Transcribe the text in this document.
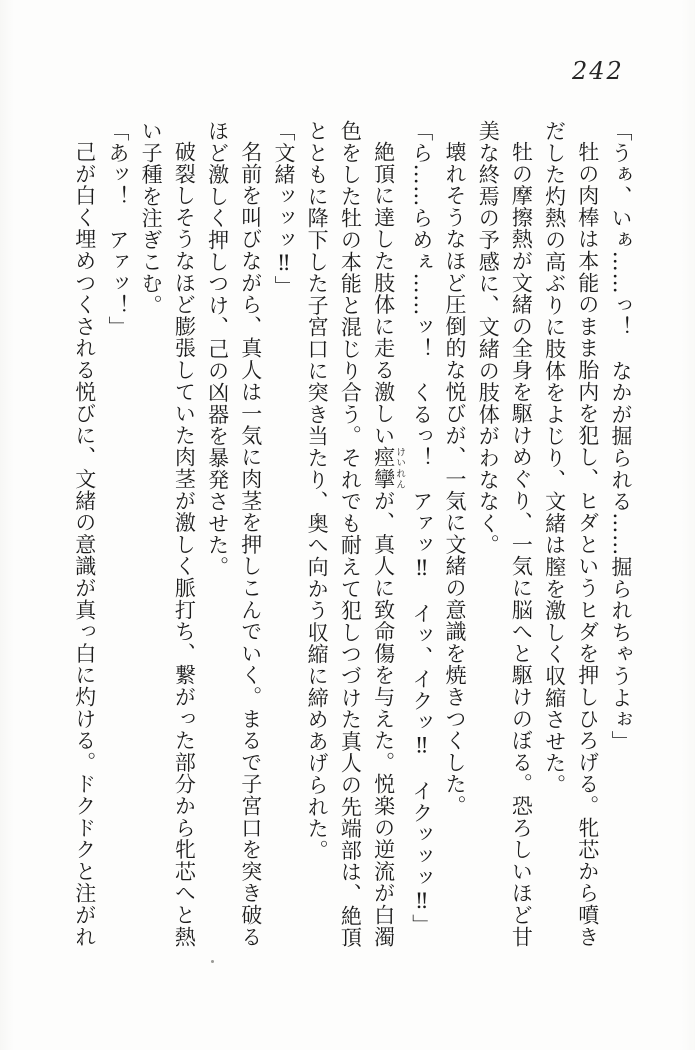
242

「うぁ、いぁ……っ！　なかが掘られる……掘られちゃうよぉ」

牡の肉棒は本能のまま胎内を犯し、ヒダというヒダを押しひろげる。牝芯から噴きだした灼熱の高ぶりに肢体をよじり、文緒は膣を激しく収縮させた。

牡の摩擦熱が文緒の全身を駆けめぐり、一気に脳へと駆けのぼる。恐ろしいほど甘美な終焉の予感に、文緒の肢体がわななく。

壊れそうなほど圧倒的な悦びが、一気に文緒の意識を焼きつくした。

「ら……らめぇ……ッ！　くるっ！　アァッ‼　イッ、イクッ‼　イクッッッ‼」

絶頂に達した肢体に走る激しい痙攣けいれんが、真人に致命傷を与えた。悦楽の逆流が白濁色をした牡の本能と混じり合う。それでも耐えて犯しつづけた真人の先端部は、絶頂とともに降下した子宮口に突き当たり、奥へ向かう収縮に締めあげられた。

「文緒ッッッ‼」

名前を叫びながら、真人は一気に肉茎を押しこんでいく。まるで子宮口を突き破るほど激しく押しつけ、己の凶器を暴発させた。

破裂しそうなほど膨張していた肉茎が激しく脈打ち、繋がった部分から牝芯へと熱い子種を注ぎこむ。

「あッ！　アァッ！」

己が白く埋めつくされる悦びに、文緒の意識が真っ白に灼ける。ドクドクと注がれ
